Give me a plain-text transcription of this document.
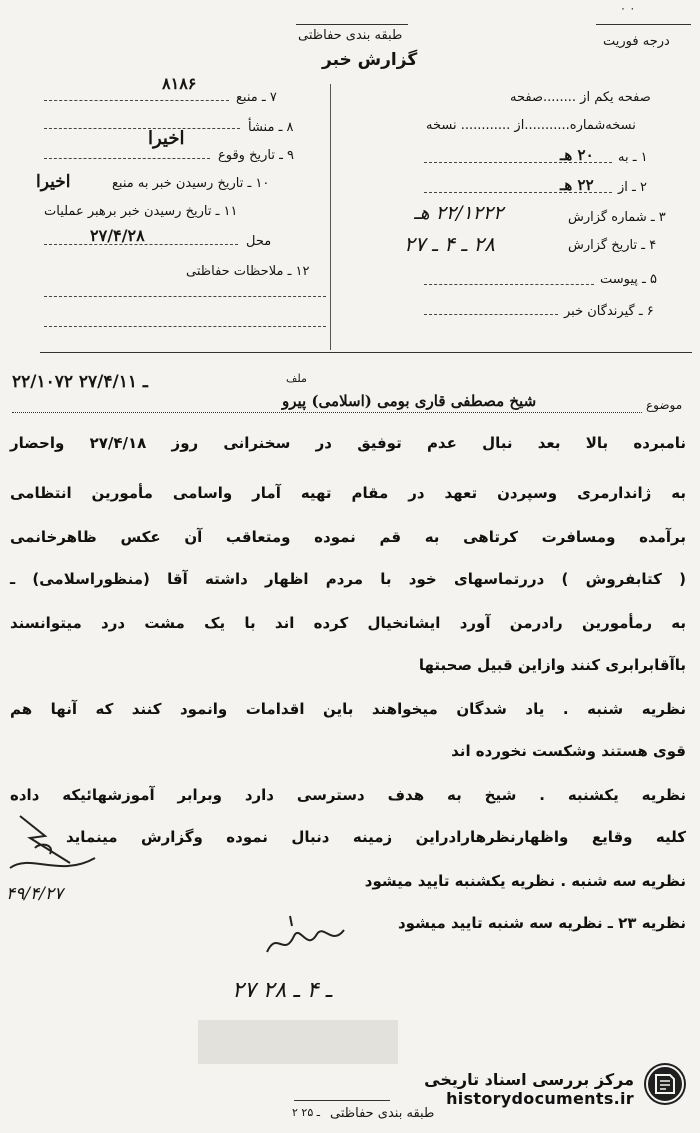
طبقه بندی حفاظتی
گزارش خبر
درجه فوریت
۰ ۰
۸۱۸۶
۷ ـ منبع
۸ ـ منشأ
اخیرا
۹ ـ تاریخ وقوع
اخیرا	۱۰ ـ تاریخ رسیدن خبر به منبع
۱۱ ـ تاریخ رسیدن خبر برهبر عملیات
۲۷/۴/۲۸	محل
۱۲ ـ ملاحظات حفاظتی
صفحه یکم از ........صفحه
نسخه‌شماره...........از ............ نسخه
۱ ـ به
۲۰ هـ
۲ ـ از
۲۲ هـ
۳ ـ شماره گزارش
۲۲/۱۲۲۲ هـ
۴ ـ تاریخ گزارش
۲۸ ـ ۴ ـ ۲۷
۵ ـ پیوست
۶ ـ گیرندگان خبر
موضوع
شیخ مصطفی قاری بومی (اسلامی) پیرو
ملف
۲۲/۱۰۷۲ ـ ۲۷/۴/۱۱
نامبرده بالا بعد نبال عدم توفیق در سخنرانی روز ۲۷/۴/۱۸ واحضار
به ژاندارمری وسپردن تعهد در مقام تهیه آمار واسامی مأمورین انتظامی
برآمده ومسافرت کرتاهی به قم نموده ومتعاقب آن عکس ظاهرخانمی
( کتابفروش ) دررتماسهای خود با مردم اظهار داشته آقا (منظوراسلامی) ـ
به رمأمورین رادرمن آورد ایشانخیال کرده اند با یک مشت درد میتوانسند
باآقابرابری کنند وازاین قبیل صحبتها
نظریه شنبه . یاد شدگان میخواهند باین اقدامات وانمود کنند که آنها هم
قوی هستند وشکست نخورده اند
نظریه یکشنبه . شیخ به هدف دسترسی دارد وبرابر آموزشهائیکه داده
کلیه وقایع واظهارنظرهارادراین زمینه دنبال نموده وگزارش مینماید
نظریه سه شنبه . نظریه یکشنبه تایید میشود
نظریه ۲۳ ـ نظریه سه شنبه تایید میشود
۴۹/۴/۲۷
۲۷ ـ ۴ ـ ۲۸
طبقه بندی حفاظتی
۲ ـ ۲۵
مرکز بررسی اسناد تاریخی
historydocuments.ir
